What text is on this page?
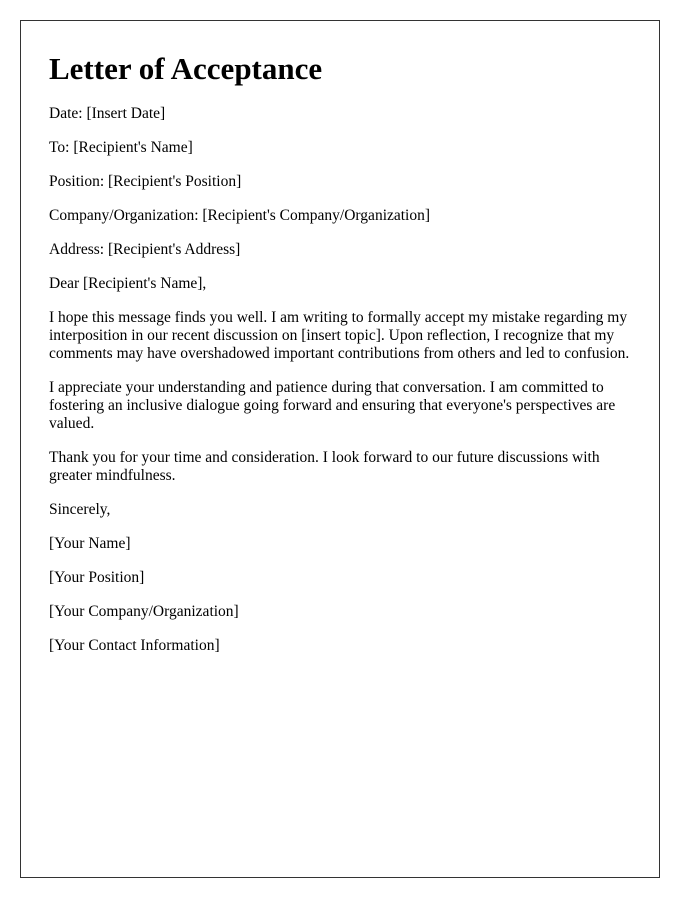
Letter of Acceptance

Date: [Insert Date]

To: [Recipient's Name]

Position: [Recipient's Position]

Company/Organization: [Recipient's Company/Organization]

Address: [Recipient's Address]

Dear [Recipient's Name],

I hope this message finds you well. I am writing to formally accept my mistake regarding my interposition in our recent discussion on [insert topic]. Upon reflection, I recognize that my comments may have overshadowed important contributions from others and led to confusion.

I appreciate your understanding and patience during that conversation. I am committed to fostering an inclusive dialogue going forward and ensuring that everyone's perspectives are valued.

Thank you for your time and consideration. I look forward to our future discussions with greater mindfulness.

Sincerely,

[Your Name]

[Your Position]

[Your Company/Organization]

[Your Contact Information]
